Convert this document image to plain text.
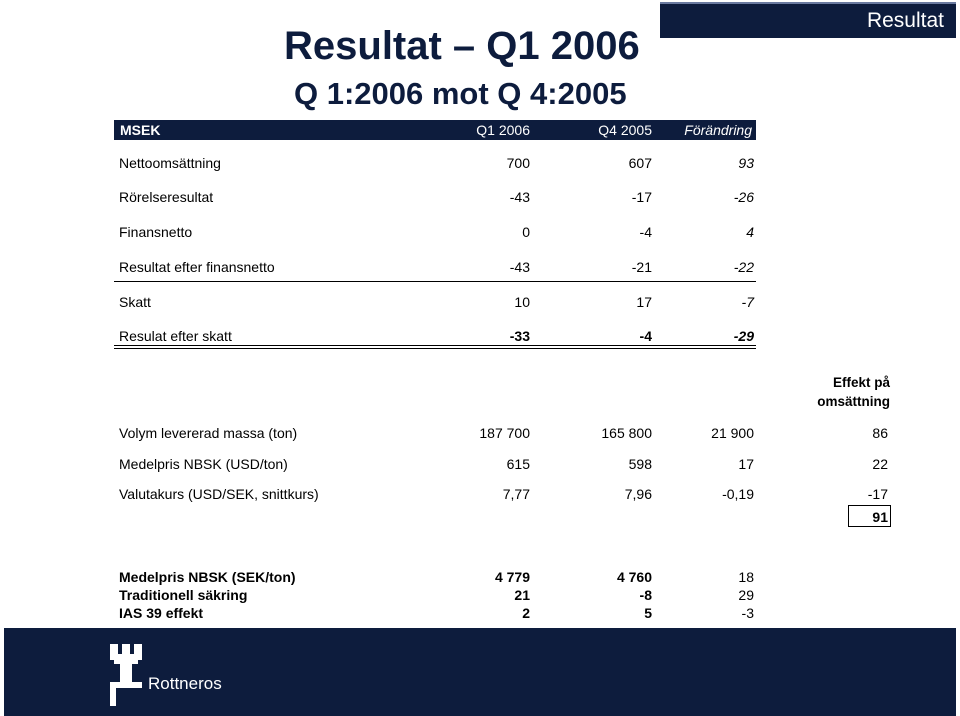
Resultat
Resultat – Q1 2006
Q 1:2006 mot Q 4:2005
MSEK	Q1 2006	Q4 2005 Förändring
Nettoomsättning	700	607	93
Rörelseresultat	-43	-17	-26
Finansnetto	0	-4	4
Resultat efter finansnetto	-43	-21	-22
Skatt	10	17	-7
Resulat efter skatt	-33	-4	-29
Effekt på
omsättning
Volym levererad massa (ton)	187 700	165 800	21 900	86
Medelpris NBSK (USD/ton)	615	598	17	22
Valutakurs (USD/SEK, snittkurs)	7,77	7,96	-0,19	-17
91
Medelpris NBSK (SEK/ton)	4 779	4 760	18
Traditionell säkring	21	-8	29
IAS 39 effekt	2	5	-3
Rottneros
